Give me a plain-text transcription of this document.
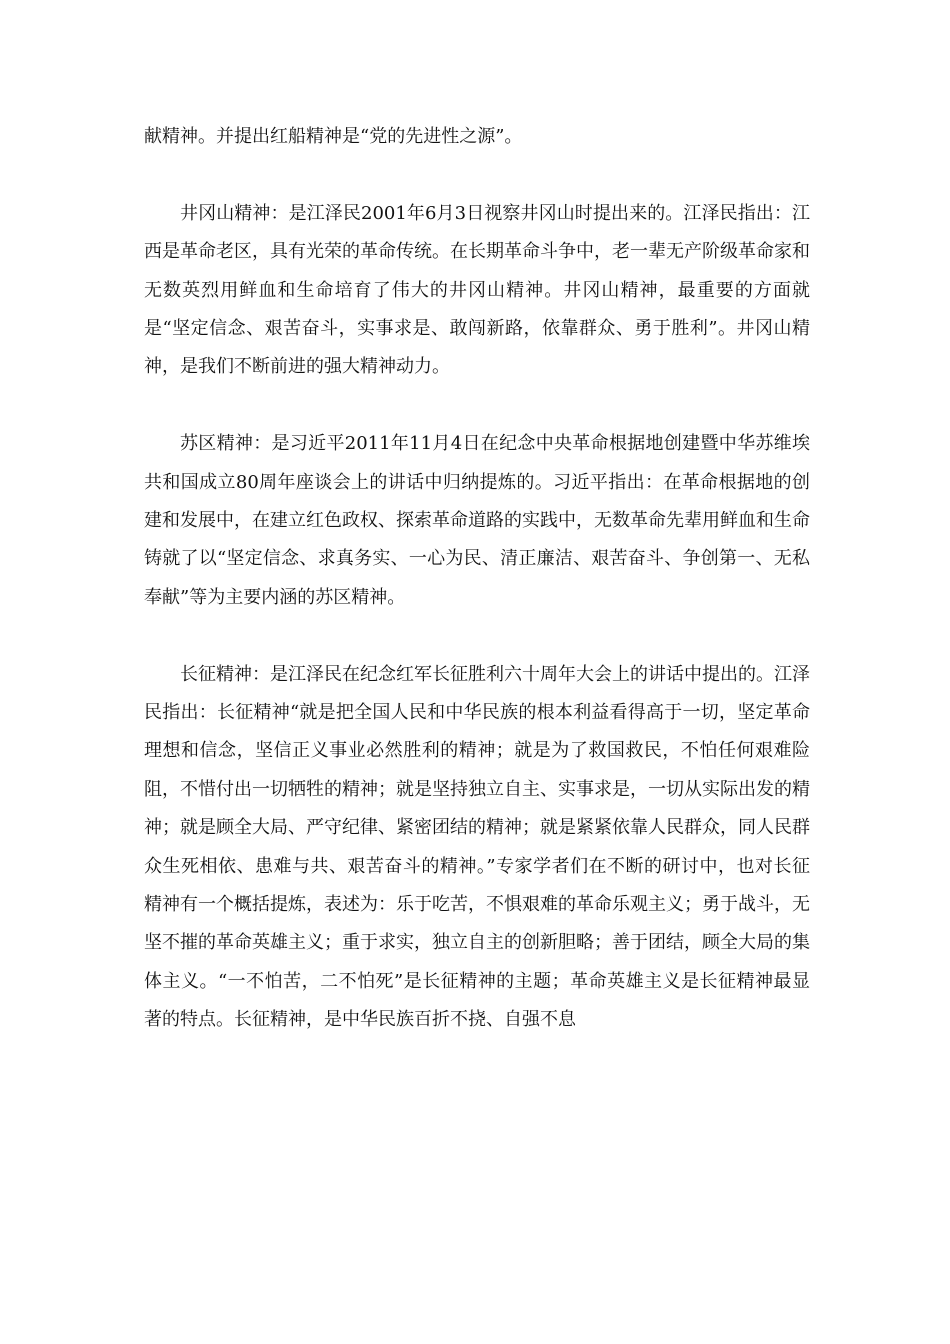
献精神。并提出红船精神是“党的先进性之源”。

井冈山精神：是江泽民2001年6月3日视察井冈山时提出来的。江泽民指出：江西是革命老区，具有光荣的革命传统。在长期革命斗争中，老一辈无产阶级革命家和无数英烈用鲜血和生命培育了伟大的井冈山精神。井冈山精神，最重要的方面就是“坚定信念、艰苦奋斗，实事求是、敢闯新路，依靠群众、勇于胜利”。井冈山精神，是我们不断前进的强大精神动力。

苏区精神：是习近平2011年11月4日在纪念中央革命根据地创建暨中华苏维埃共和国成立80周年座谈会上的讲话中归纳提炼的。习近平指出：在革命根据地的创建和发展中，在建立红色政权、探索革命道路的实践中，无数革命先辈用鲜血和生命铸就了以“坚定信念、求真务实、一心为民、清正廉洁、艰苦奋斗、争创第一、无私奉献”等为主要内涵的苏区精神。

长征精神：是江泽民在纪念红军长征胜利六十周年大会上的讲话中提出的。江泽民指出：长征精神“就是把全国人民和中华民族的根本利益看得高于一切，坚定革命理想和信念，坚信正义事业必然胜利的精神；就是为了救国救民，不怕任何艰难险阻，不惜付出一切牺牲的精神；就是坚持独立自主、实事求是，一切从实际出发的精神；就是顾全大局、严守纪律、紧密团结的精神；就是紧紧依靠人民群众，同人民群众生死相依、患难与共、艰苦奋斗的精神。”专家学者们在不断的研讨中，也对长征精神有一个概括提炼，表述为：乐于吃苦，不惧艰难的革命乐观主义；勇于战斗，无坚不摧的革命英雄主义；重于求实，独立自主的创新胆略；善于团结，顾全大局的集体主义。“一不怕苦，二不怕死”是长征精神的主题；革命英雄主义是长征精神最显著的特点。长征精神，是中华民族百折不挠、自强不息
